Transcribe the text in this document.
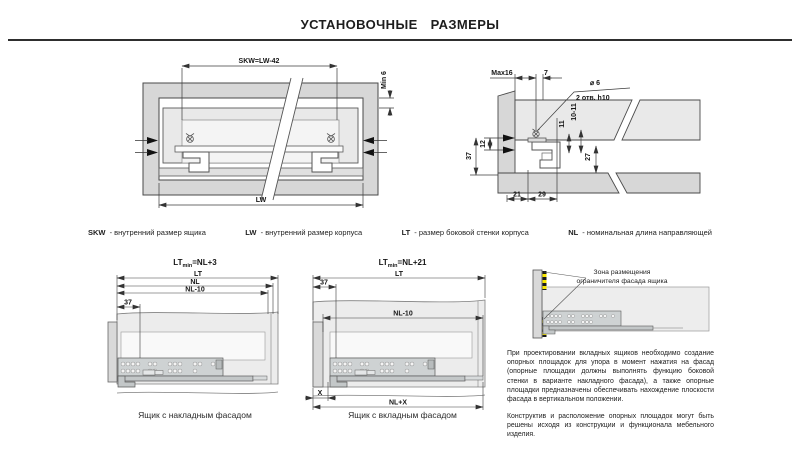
УСТАНОВОЧНЫЕ РАЗМЕРЫ
SKW=LW-42
LW
Min 6	Max16	7
⌀ 6
2 отв. h10
12
37
11
10-11
27
21 29
SKW - внутренний размер ящика	LW - внутренний размер корпуса	LT - размер боковой стенки корпуса	NL - номинальная длина направляющей
$LT_{min}=NL+3$
LT
NL
NL-10
37
Ящик с накладным фасадом
$LT_{min}=NL+21$
LT
37
NL-10
X
NL+X
Ящик с вкладным фасадом
Зона размещения
ограничителя фасада ящика

При проектировании вкладных ящиков необходимо создание опорных площадок для упора в момент нажатия на фасад (опорные площадки должны выполнять функцию боковой стенки в варианте накладного фасада), а также опорные площадки предназначены обеспечивать нахождение плоскости фасада в вертикальном положении.

Конструктив и расположение опорных площадок могут быть решены исходя из конструкции и функционала мебельного изделия.
